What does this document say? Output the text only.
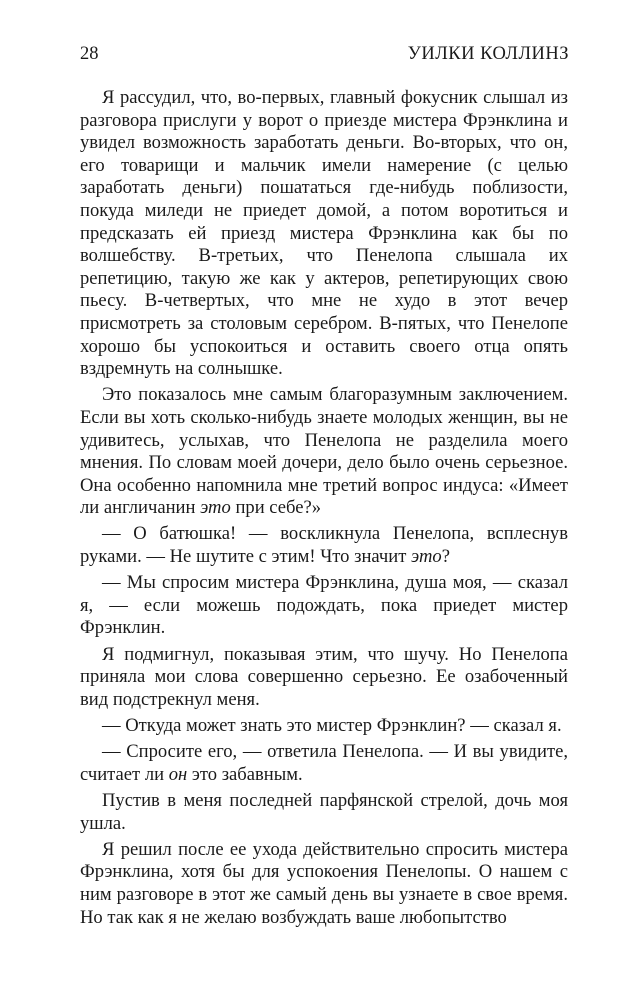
28	УИЛКИ КОЛЛИНЗ

Я рассудил, что, во-первых, главный фокусник слышал из разговора прислуги у ворот о приезде мистера Фрэнклина и увидел возможность заработать деньги. Во-вторых, что он, его товарищи и мальчик имели намерение (с целью заработать деньги) пошататься где-нибудь поблизости, покуда миледи не приедет домой, а потом воротиться и предсказать ей приезд мистера Фрэнклина как бы по волшебству. В-третьих, что Пенелопа слышала их репетицию, такую же как у актеров, репетирующих свою пьесу. В-четвертых, что мне не худо в этот вечер присмотреть за столовым серебром. В-пятых, что Пенелопе хорошо бы успокоиться и оставить своего отца опять вздремнуть на солнышке.

Это показалось мне самым благоразумным заключением. Если вы хоть сколько-нибудь знаете молодых женщин, вы не удивитесь, услыхав, что Пенелопа не разделила моего мнения. По словам моей дочери, дело было очень серьезное. Она особенно напомнила мне третий вопрос индуса: «Имеет ли англичанин это при себе?»

— О батюшка! — воскликнула Пенелопа, всплеснув руками. — Не шутите с этим! Что значит это?

— Мы спросим мистера Фрэнклина, душа моя, — сказал я, — если можешь подождать, пока приедет мистер Фрэнклин.

Я подмигнул, показывая этим, что шучу. Но Пенелопа приняла мои слова совершенно серьезно. Ее озабоченный вид подстрекнул меня.

— Откуда может знать это мистер Фрэнклин? — сказал я.

— Спросите его, — ответила Пенелопа. — И вы увидите, считает ли он это забавным.

Пустив в меня последней парфянской стрелой, дочь моя ушла.

Я решил после ее ухода действительно спросить мистера Фрэнклина, хотя бы для успокоения Пенелопы. О нашем с ним разговоре в этот же самый день вы узнаете в свое время. Но так как я не желаю возбуждать ваше любопытство
